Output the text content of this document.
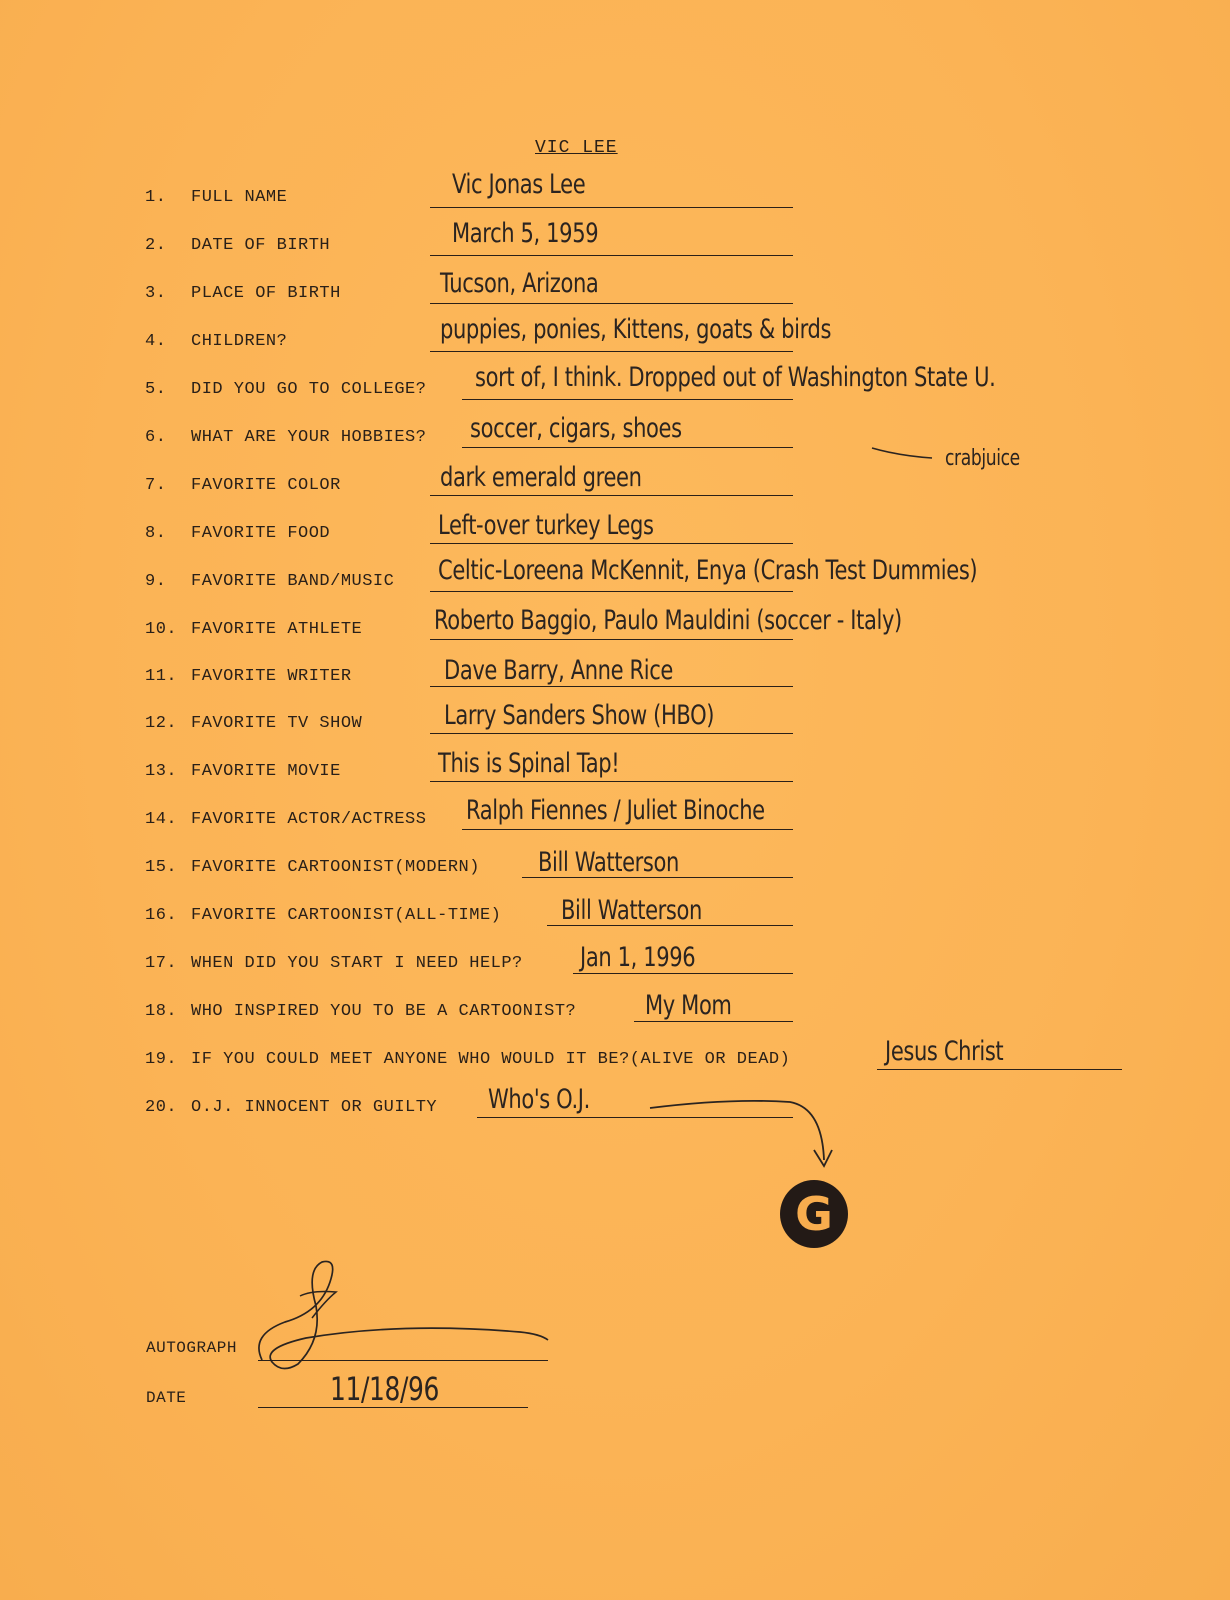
VIC LEE
1. FULL NAME
2. DATE OF BIRTH
3. PLACE OF BIRTH
4. CHILDREN?
5. DID YOU GO TO COLLEGE?
6. WHAT ARE YOUR HOBBIES?
7. FAVORITE COLOR
8. FAVORITE FOOD
9. FAVORITE BAND/MUSIC
10. FAVORITE ATHLETE
11. FAVORITE WRITER
12. FAVORITE TV SHOW
13. FAVORITE MOVIE
14. FAVORITE ACTOR/ACTRESS
15. FAVORITE CARTOONIST(MODERN)
16. FAVORITE CARTOONIST(ALL-TIME)
17. WHEN DID YOU START I NEED HELP?
18. WHO INSPIRED YOU TO BE A CARTOONIST?
19. IF YOU COULD MEET ANYONE WHO WOULD IT BE?(ALIVE OR DEAD)
20. O.J. INNOCENT OR GUILTY
Vic Jonas Lee
March 5, 1959
Tucson, Arizona
puppies, ponies, Kittens, goats & birds
sort of, I think. Dropped out of Washington State U.
soccer, cigars, shoes
crabjuice
dark emerald green
Left-over turkey Legs
Celtic-Loreena McKennit, Enya (Crash Test Dummies)
Roberto Baggio, Paulo Mauldini (soccer - Italy)
Dave Barry, Anne Rice
Larry Sanders Show (HBO)
This is Spinal Tap!
Ralph Fiennes / Juliet Binoche
Bill Watterson
Bill Watterson
Jan 1, 1996
My Mom
Jesus Christ
Who's O.J.
G
AUTOGRAPH
DATE	11/18/96
